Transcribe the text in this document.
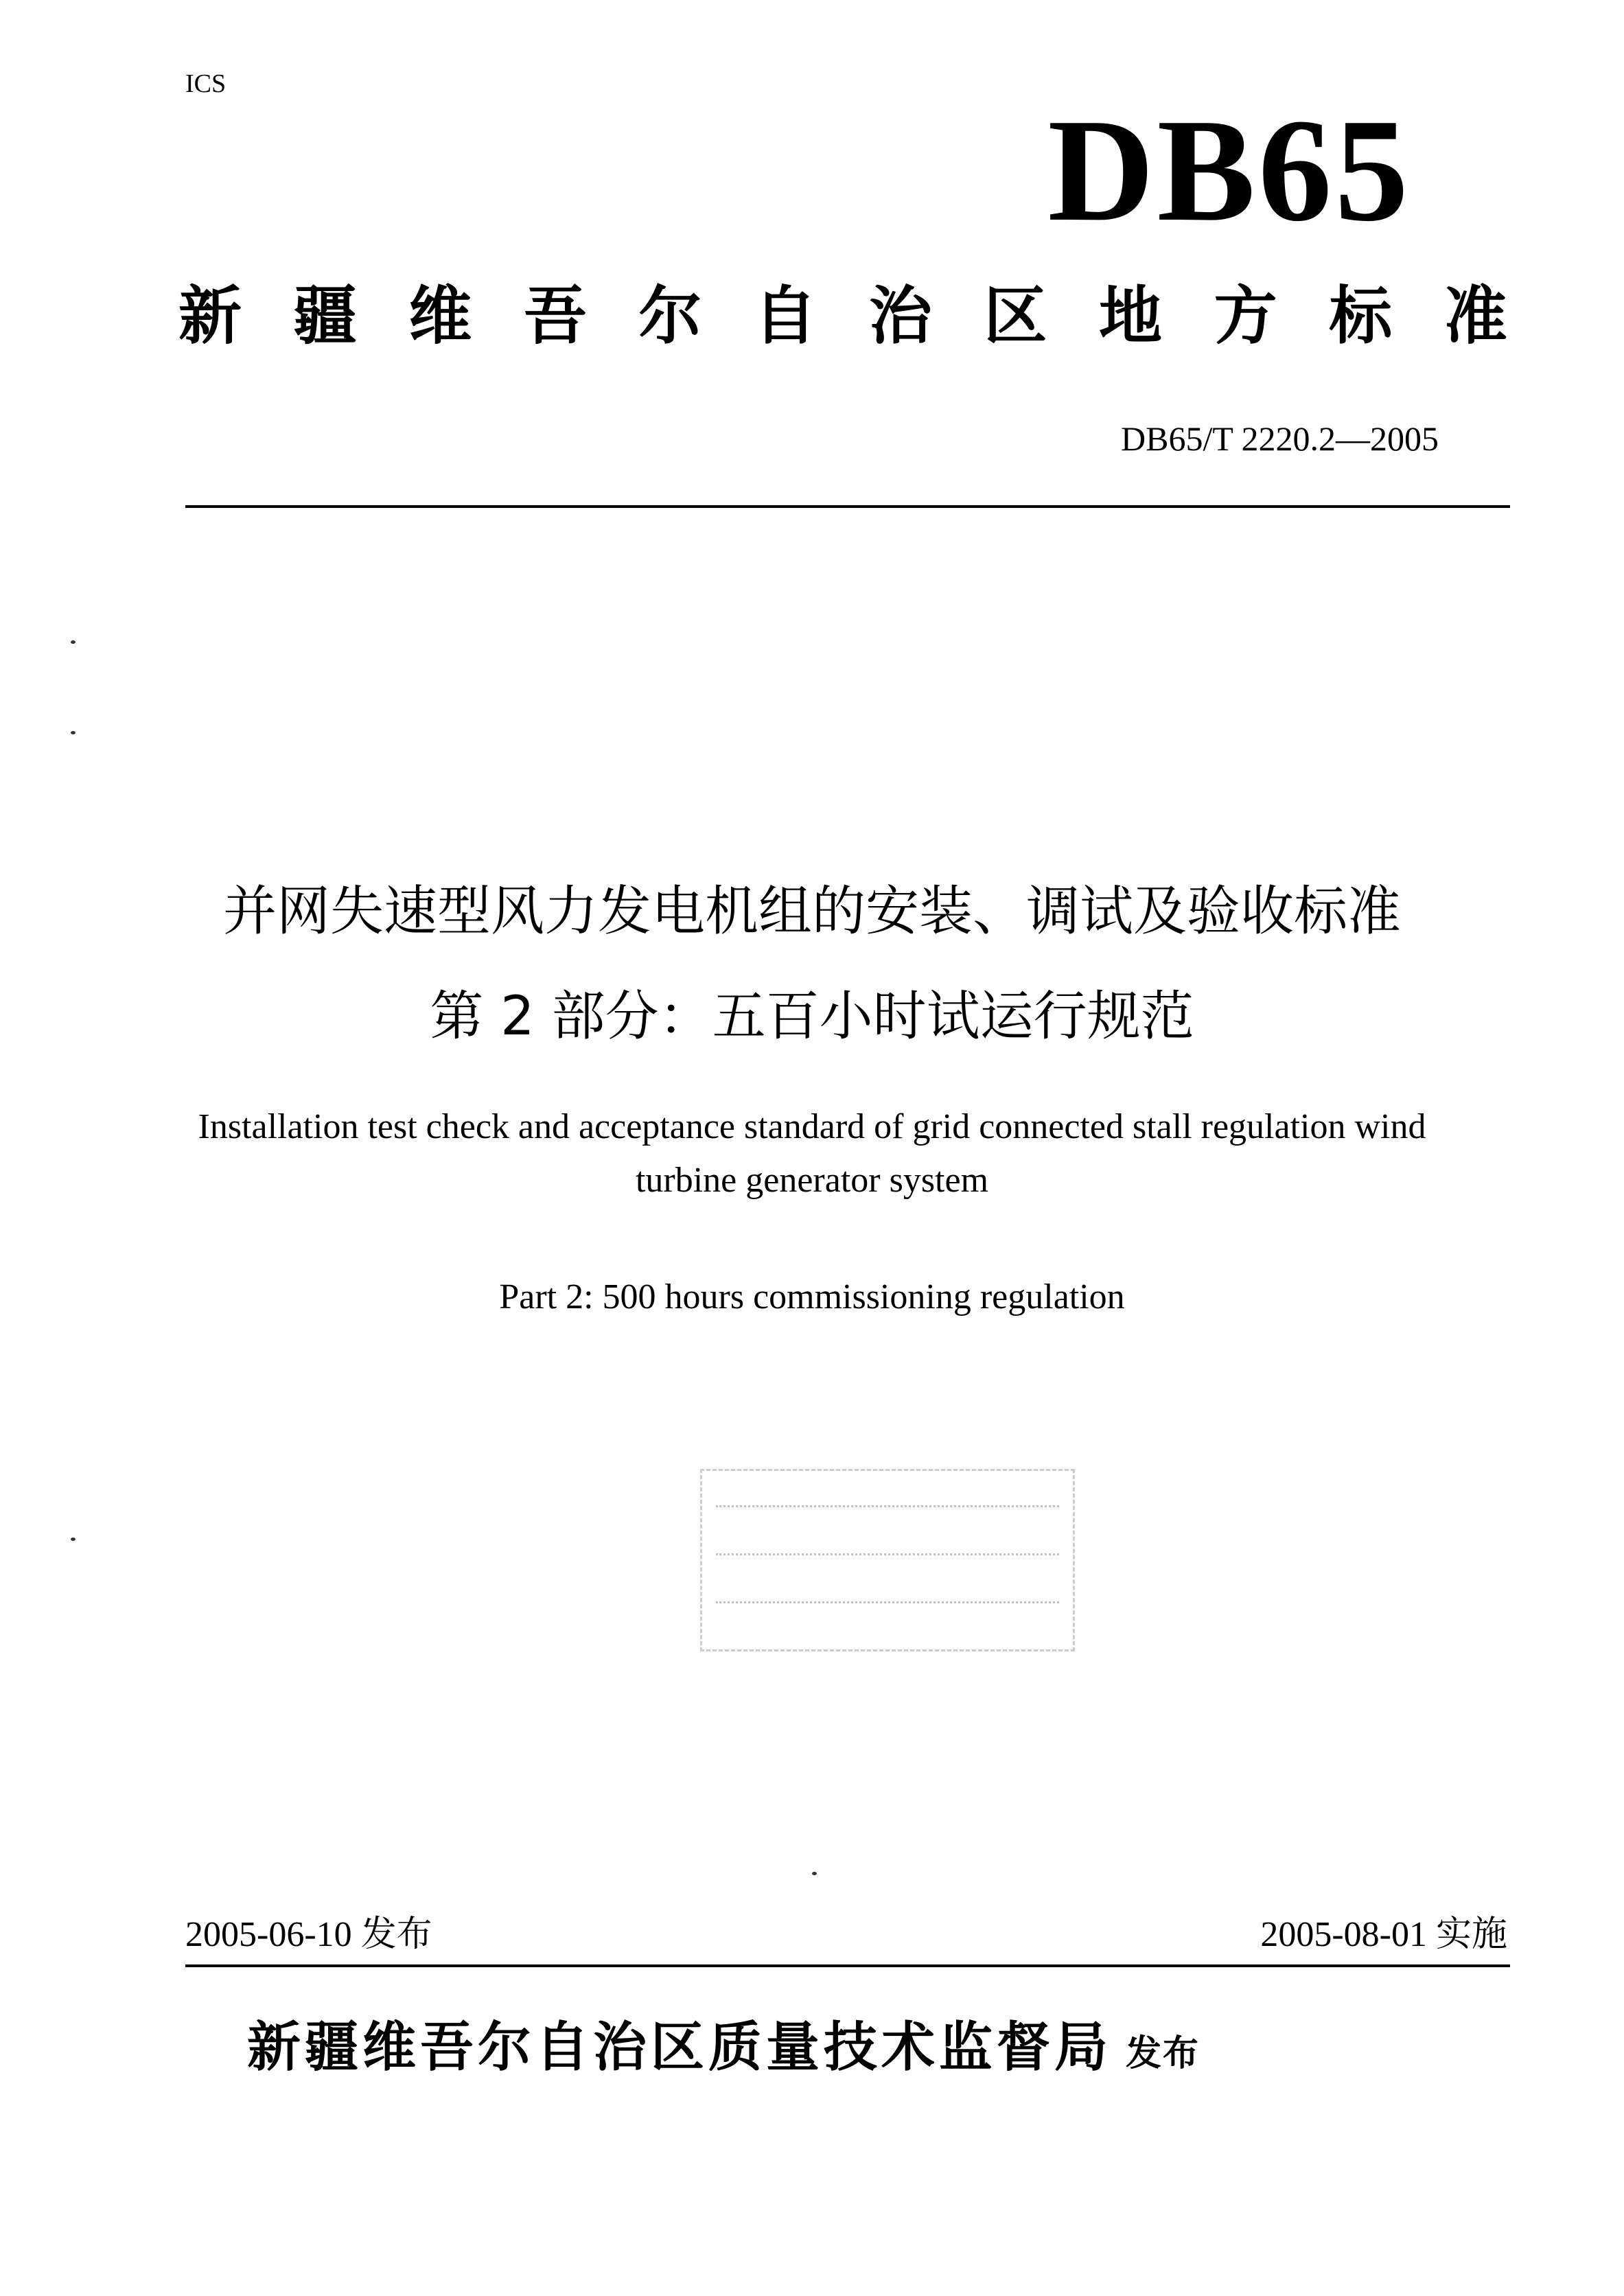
ICS
DB65
新 疆 维 吾 尔 自 治 区 地 方 标 准
DB65/T 2220.2—2005
并网失速型风力发电机组的安装、调试及验收标准
第 2 部分：五百小时试运行规范
Installation test check and acceptance standard of grid connected stall regulation wind
turbine generator system
Part 2: 500 hours commissioning regulation
2005-06-10 发布	2005-08-01 实施
新疆维吾尔自治区质量技术监督局 发布
